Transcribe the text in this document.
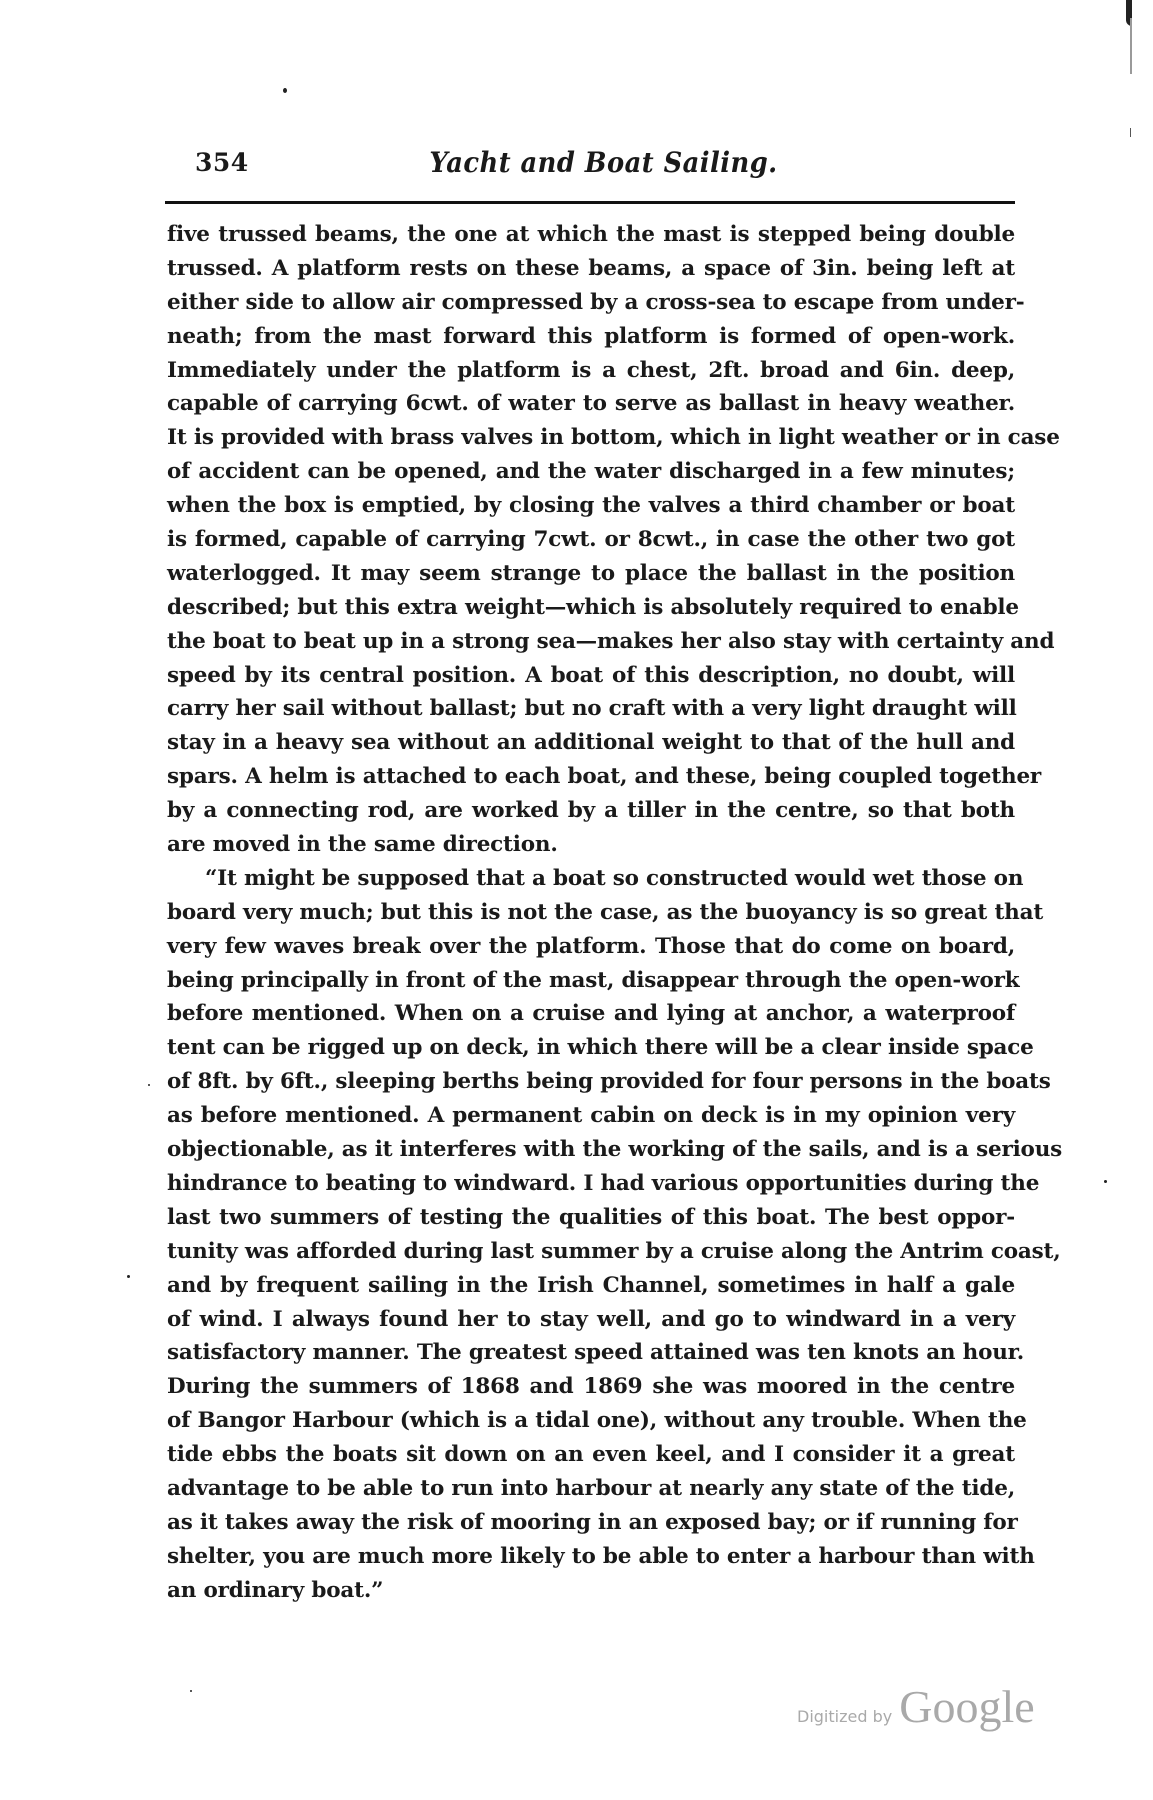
354	Yacht and Boat Sailing.
five trussed beams, the one at which the mast is stepped being double
trussed. A platform rests on these beams, a space of 3in. being left at
either side to allow air compressed by a cross-sea to escape from under-
neath; from the mast forward this platform is formed of open-work.
Immediately under the platform is a chest, 2ft. broad and 6in. deep,
capable of carrying 6cwt. of water to serve as ballast in heavy weather.
It is provided with brass valves in bottom, which in light weather or in case
of accident can be opened, and the water discharged in a few minutes;
when the box is emptied, by closing the valves a third chamber or boat
is formed, capable of carrying 7cwt. or 8cwt., in case the other two got
waterlogged. It may seem strange to place the ballast in the position
described; but this extra weight—which is absolutely required to enable
the boat to beat up in a strong sea—makes her also stay with certainty and
speed by its central position. A boat of this description, no doubt, will
carry her sail without ballast; but no craft with a very light draught will
stay in a heavy sea without an additional weight to that of the hull and
spars. A helm is attached to each boat, and these, being coupled together
by a connecting rod, are worked by a tiller in the centre, so that both
are moved in the same direction.
“It might be supposed that a boat so constructed would wet those on
board very much; but this is not the case, as the buoyancy is so great that
very few waves break over the platform. Those that do come on board,
being principally in front of the mast, disappear through the open-work
before mentioned. When on a cruise and lying at anchor, a waterproof
tent can be rigged up on deck, in which there will be a clear inside space
of 8ft. by 6ft., sleeping berths being provided for four persons in the boats
as before mentioned. A permanent cabin on deck is in my opinion very
objectionable, as it interferes with the working of the sails, and is a serious
hindrance to beating to windward. I had various opportunities during the
last two summers of testing the qualities of this boat. The best oppor-
tunity was afforded during last summer by a cruise along the Antrim coast,
and by frequent sailing in the Irish Channel, sometimes in half a gale
of wind. I always found her to stay well, and go to windward in a very
satisfactory manner. The greatest speed attained was ten knots an hour.
During the summers of 1868 and 1869 she was moored in the centre
of Bangor Harbour (which is a tidal one), without any trouble. When the
tide ebbs the boats sit down on an even keel, and I consider it a great
advantage to be able to run into harbour at nearly any state of the tide,
as it takes away the risk of mooring in an exposed bay; or if running for
shelter, you are much more likely to be able to enter a harbour than with
an ordinary boat.”
Digitized by Google
